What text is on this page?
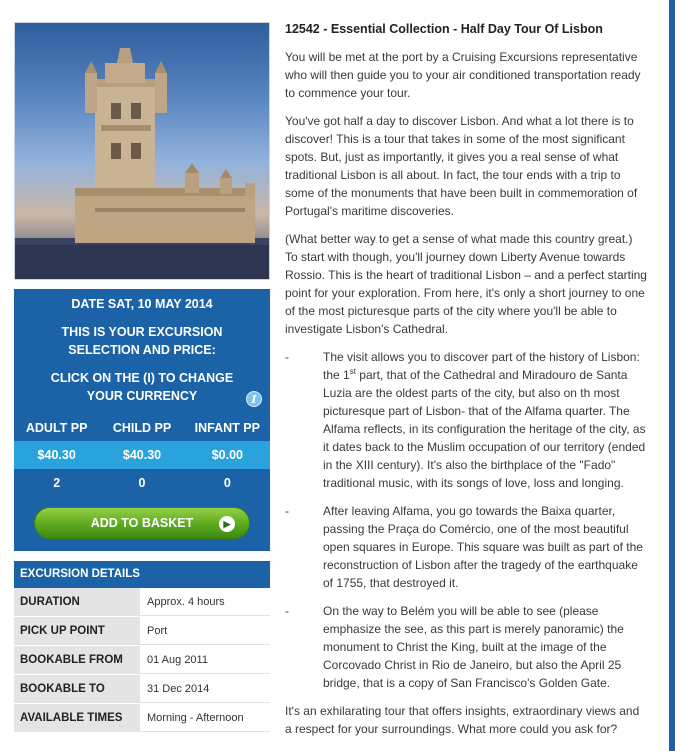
DATE SAT, 10 MAY 2014
THIS IS YOUR EXCURSION SELECTION AND PRICE:
CLICK ON THE (I) TO CHANGE YOUR CURRENCY	I
ADULT PP	CHILD PP	INFANT PP
$40.30	$40.30	$0.00
2	0	0
ADD TO BASKET	▶
EXCURSION DETAILS
DURATION	Approx. 4 hours
PICK UP POINT	Port
BOOKABLE FROM	01 Aug 2011
BOOKABLE TO	31 Dec 2014
AVAILABLE TIMES	Morning - Afternoon
12542 - Essential Collection - Half Day Tour Of Lisbon

You will be met at the port by a Cruising Excursions representative who will then guide you to your air conditioned transportation ready to commence your tour.

You've got half a day to discover Lisbon. And what a lot there is to discover! This is a tour that takes in some of the most significant spots. But, just as importantly, it gives you a real sense of what traditional Lisbon is all about. In fact, the tour ends with a trip to some of the monuments that have been built in commemoration of Portugal's maritime discoveries.

(What better way to get a sense of what made this country great.) To start with though, you'll journey down Liberty Avenue towards Rossio. This is the heart of traditional Lisbon – and a perfect starting point for your exploration. From here, it's only a short journey to one of the most picturesque parts of the city where you'll be able to investigate Lisbon's Cathedral.

-	The visit allows you to discover part of the history of Lisbon: the 1st part, that of the Cathedral and Miradouro de Santa Luzia are the oldest parts of the city, but also on th most picturesque part of Lisbon- that of the Alfama quarter. The Alfama reflects, in its configuration the heritage of the city, as it dates back to the Muslim occupation of our territory (ended in the XIII century). It's also the birthplace of the "Fado" traditional music, with its songs of love, loss and longing.

-	After leaving Alfama, you go towards the Baixa quarter, passing the Praça do Comércio, one of the most beautiful open squares in Europe. This square was built as part of the reconstruction of Lisbon after the tragedy of the earthquake of 1755, that destroyed it.

-	On the way to Belém you will be able to see (please emphasize the see, as this part is merely panoramic) the monument to Christ the King, built at the image of the Corcovado Christ in Rio de Janeiro, but also the April 25 bridge, that is a copy of San Francisco's Golden Gate.

It's an exhilarating tour that offers insights, extraordinary views and a respect for your surroundings. What more could you ask for?
